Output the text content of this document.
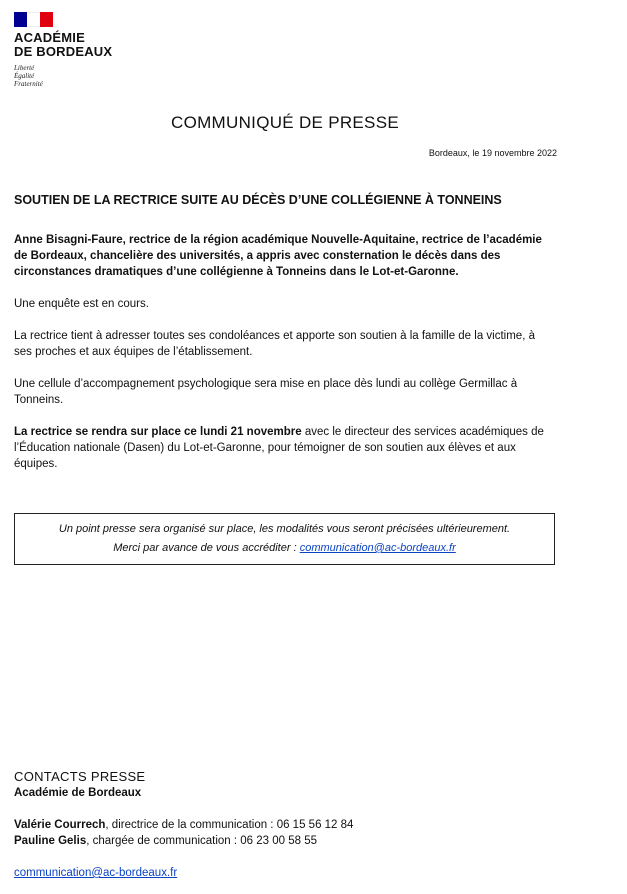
ACADÉMIE
DE BORDEAUX
Liberté
Égalité
Fraternité
COMMUNIQUÉ DE PRESSE
Bordeaux, le 19 novembre 2022
SOUTIEN DE LA RECTRICE SUITE AU DÉCÈS D’UNE COLLÉGIENNE À TONNEINS

Anne Bisagni-Faure, rectrice de la région académique Nouvelle-Aquitaine, rectrice de l’académie de Bordeaux, chancelière des universités, a appris avec consternation le décès dans des circonstances dramatiques d’une collégienne à Tonneins dans le Lot-et-Garonne.

Une enquête est en cours.

La rectrice tient à adresser toutes ses condoléances et apporte son soutien à la famille de la victime, à ses proches et aux équipes de l’établissement.

Une cellule d’accompagnement psychologique sera mise en place dès lundi au collège Germillac à Tonneins.

La rectrice se rendra sur place ce lundi 21 novembre avec le directeur des services académiques de l’Éducation nationale (Dasen) du Lot-et-Garonne, pour témoigner de son soutien aux élèves et aux équipes.

Un point presse sera organisé sur place, les modalités vous seront précisées ultérieurement.
Merci par avance de vous accréditer : communication@ac-bordeaux.fr
CONTACTS PRESSE
Académie de Bordeaux
Valérie Courrech, directrice de la communication : 06 15 56 12 84
Pauline Gelis, chargée de communication : 06 23 00 58 55
communication@ac-bordeaux.fr
